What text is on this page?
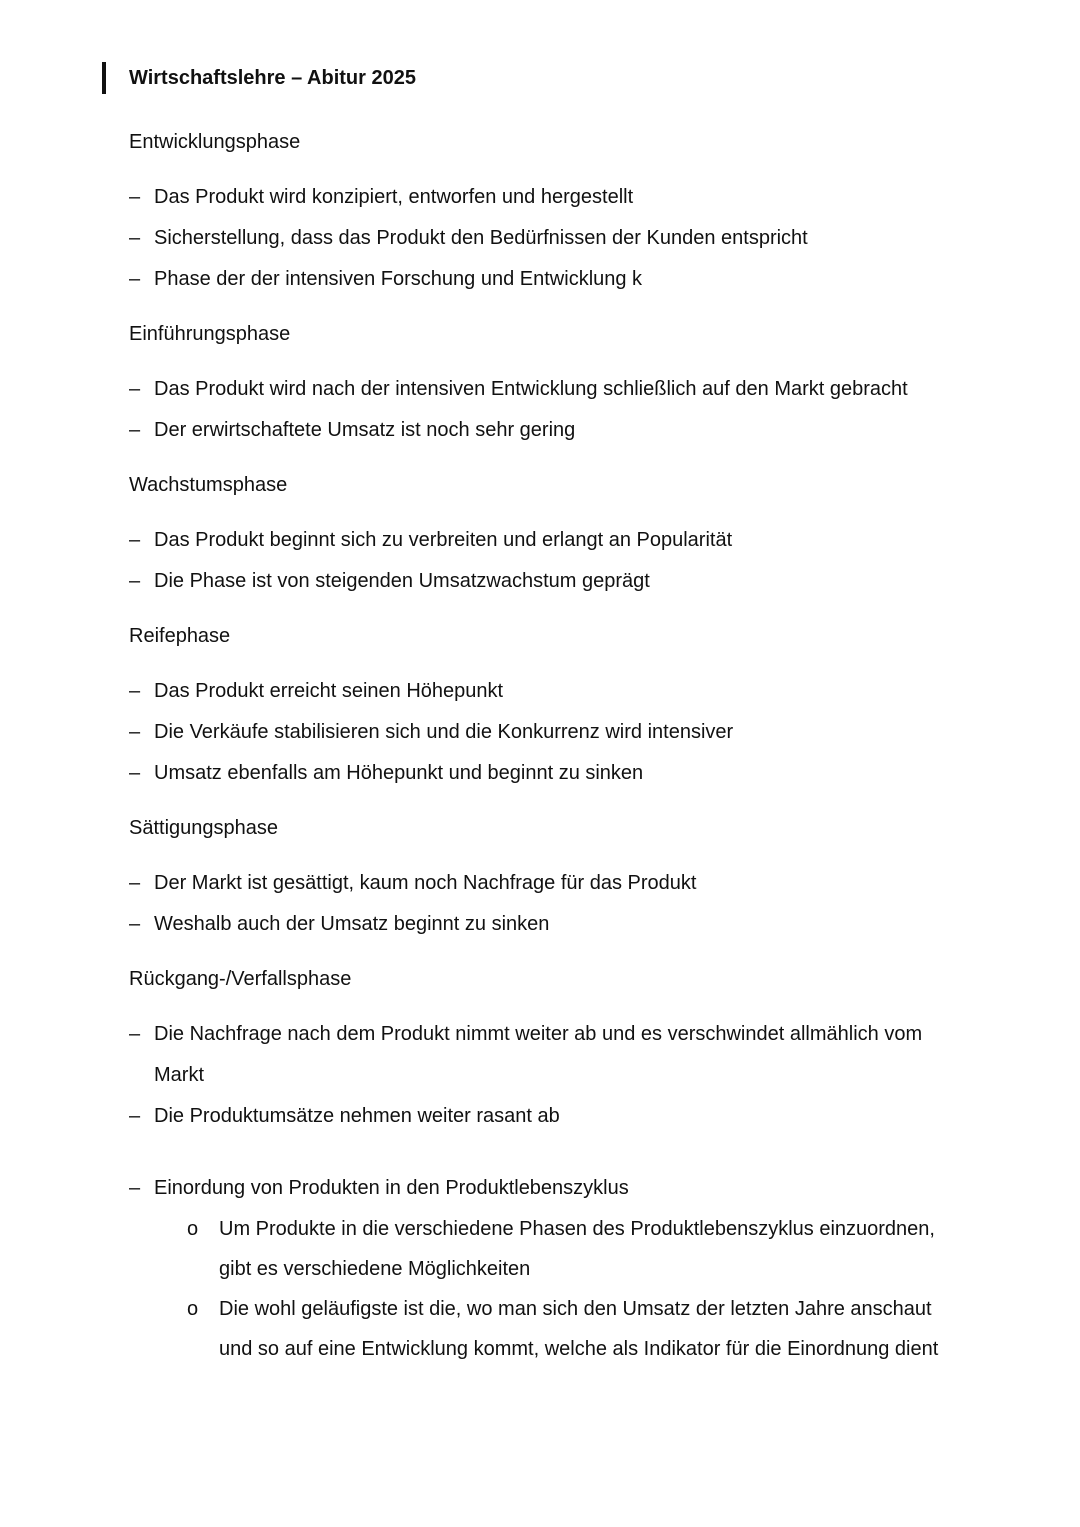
Wirtschaftslehre – Abitur 2025
Entwicklungsphase
– Das Produkt wird konzipiert, entworfen und hergestellt
– Sicherstellung, dass das Produkt den Bedürfnissen der Kunden entspricht
– Phase der der intensiven Forschung und Entwicklung k
Einführungsphase
– Das Produkt wird nach der intensiven Entwicklung schließlich auf den Markt gebracht
– Der erwirtschaftete Umsatz ist noch sehr gering
Wachstumsphase
– Das Produkt beginnt sich zu verbreiten und erlangt an Popularität
– Die Phase ist von steigenden Umsatzwachstum geprägt
Reifephase
– Das Produkt erreicht seinen Höhepunkt
– Die Verkäufe stabilisieren sich und die Konkurrenz wird intensiver
– Umsatz ebenfalls am Höhepunkt und beginnt zu sinken
Sättigungsphase
– Der Markt ist gesättigt, kaum noch Nachfrage für das Produkt
– Weshalb auch der Umsatz beginnt zu sinken
Rückgang-/Verfallsphase
– Die Nachfrage nach dem Produkt nimmt weiter ab und es verschwindet allmählich vom Markt
– Die Produktumsätze nehmen weiter rasant ab
– Einordung von Produkten in den Produktlebenszyklus
o Um Produkte in die verschiedene Phasen des Produktlebenszyklus einzuordnen, gibt es verschiedene Möglichkeiten
o Die wohl geläufigste ist die, wo man sich den Umsatz der letzten Jahre anschaut und so auf eine Entwicklung kommt, welche als Indikator für die Einordnung dient
